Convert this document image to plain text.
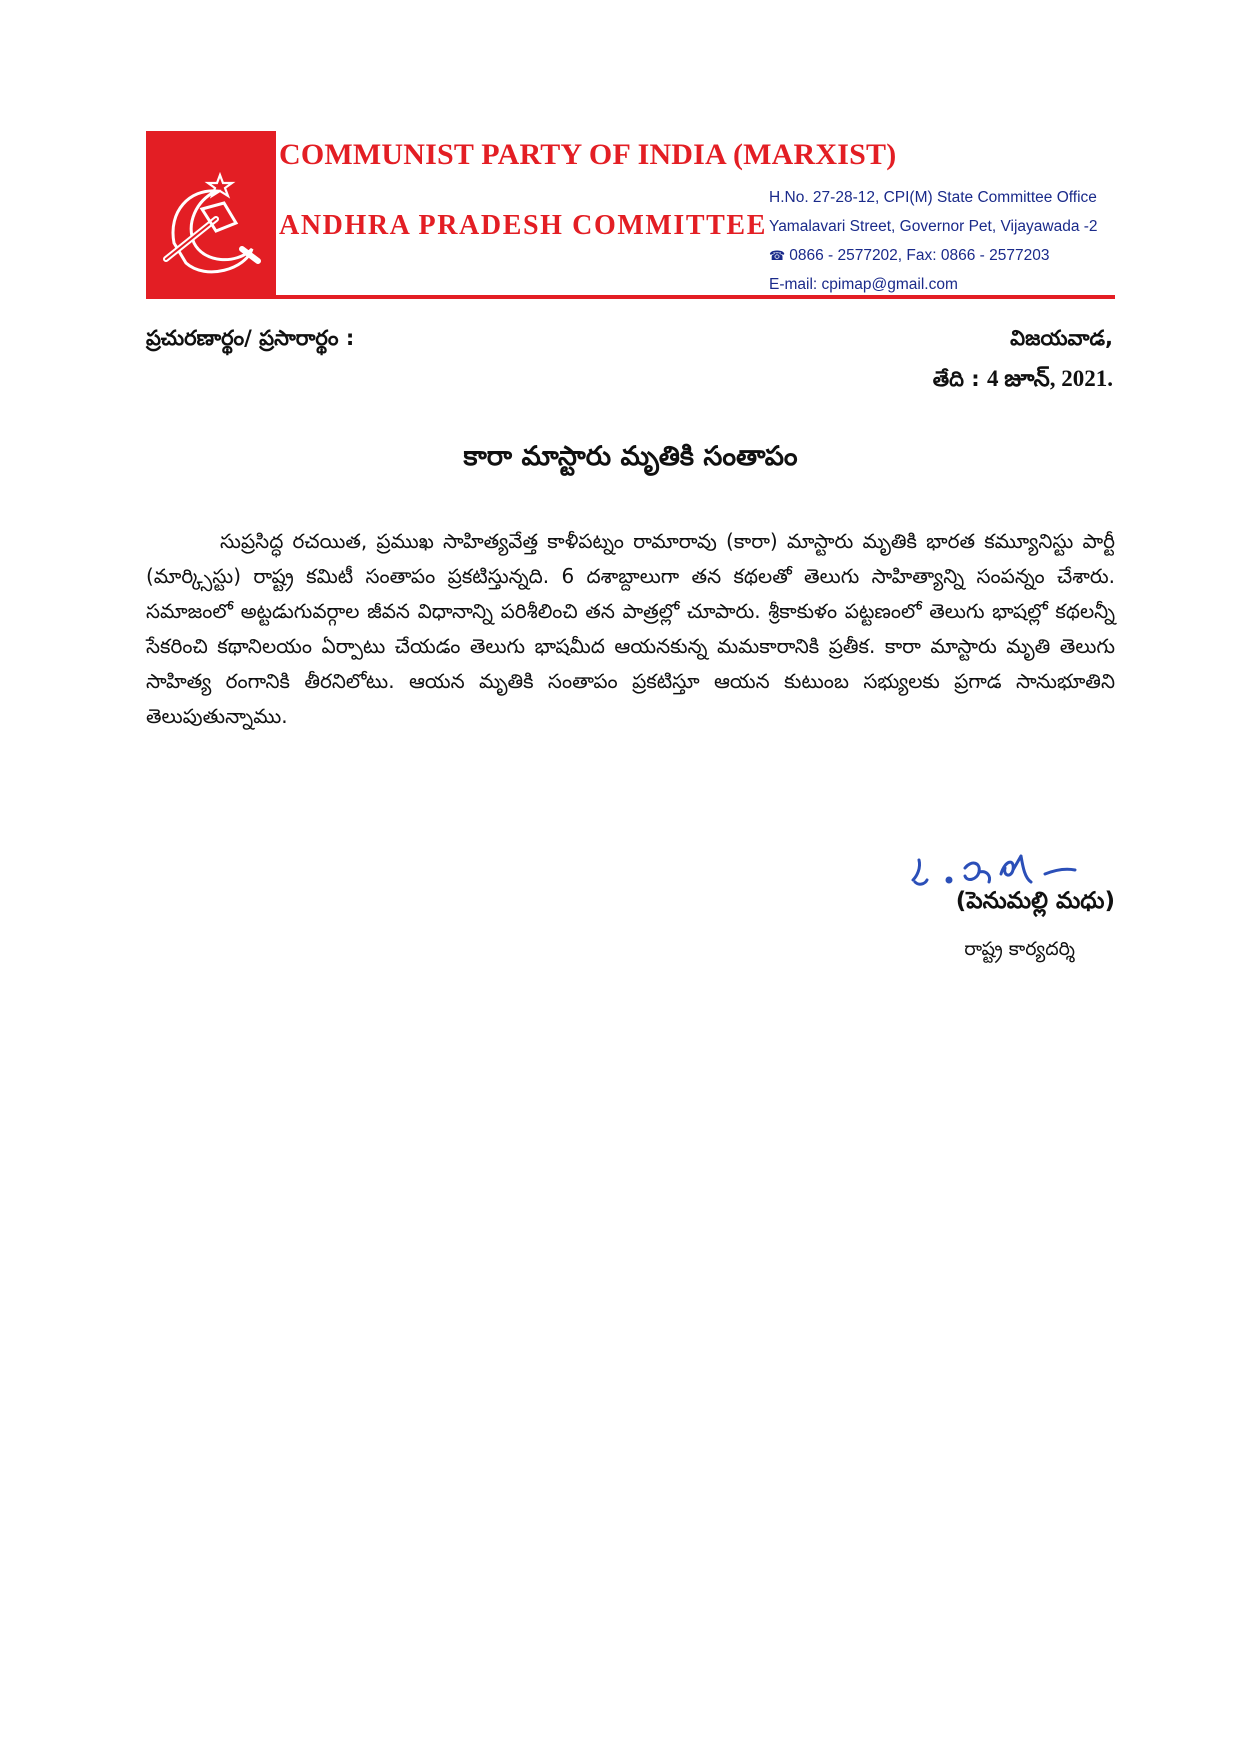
COMMUNIST PARTY OF INDIA (MARXIST)
ANDHRA PRADESH COMMITTEE
H.No. 27-28-12, CPI(M) State Committee Office
Yamalavari Street, Governor Pet, Vijayawada -2
☎ 0866 - 2577202, Fax: 0866 - 2577203
E-mail: cpimap@gmail.com
ప్రచురణార్థం/ ప్రసారార్థం :	విజయవాడ,
తేది : 4 జూన్, 2021.
కారా మాస్టారు మృతికి సంతాపం
సుప్రసిద్ధ రచయిత, ప్రముఖ సాహిత్యవేత్త కాళీపట్నం రామారావు (కారా) మాస్టారు మృతికి భారత కమ్యూనిస్టు పార్టీ (మార్క్సిస్టు) రాష్ట్ర కమిటీ సంతాపం ప్రకటిస్తున్నది. 6 దశాబ్దాలుగా తన కథలతో తెలుగు సాహిత్యాన్ని సంపన్నం చేశారు. సమాజంలో అట్టడుగువర్గాల జీవన విధానాన్ని పరిశీలించి తన పాత్రల్లో చూపారు. శ్రీకాకుళం పట్టణంలో తెలుగు భాషల్లో కథలన్నీ సేకరించి కథానిలయం ఏర్పాటు చేయడం తెలుగు భాషమీద ఆయనకున్న మమకారానికి ప్రతీక. కారా మాస్టారు మృతి తెలుగు సాహిత్య రంగానికి తీరనిలోటు. ఆయన మృతికి సంతాపం ప్రకటిస్తూ ఆయన కుటుంబ సభ్యులకు ప్రగాడ సానుభూతిని తెలుపుతున్నాము.
(పెనుమల్లి మధు)
రాష్ట్ర కార్యదర్శి
